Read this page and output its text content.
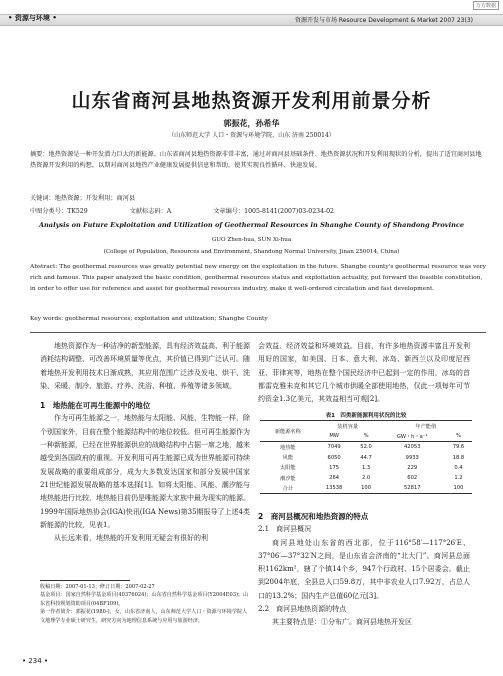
万方数据
• 资源与环境 •	资源开发与市场 Resource Development & Market 2007 23(3)
山东省商河县地热资源开发利用前景分析
郭振花，孙希华
（山东师范大学 人口・资源与环境学院，山东 济南 250014）
摘要：地热资源是一种开发潜力巨大的新能源。山东省商河县地热资源非常丰富，通过对商河县基础条件、地热资源状况和开发利用现状的分析，提出了适宜商河县地热资源开发利用的构想，以期对商河县地热产业健康发展提供信息和帮助，使其实现良性循环、快速发展。
关键词：地热资源；开发利用；商河县
中图分类号：TK529	文献标志码：A	文章编号：1005-8141(2007)03-0234-02
Analysis on Future Exploitation and Utilization of Geothermal Resources in Shanghe County of Shandong Province
GUO Zhen-hua, SUN Xi-hua
(College of Population, Resources and Environment, Shandong Normal University, Jinan 250014, China)
Abstract: The geothermal resources was greatly potential new energy on the exploitation in the future. Shanghe county's geothermal resource was very rich and famous. This paper analyzed the basic condition, geothermal resources status and exploitation actuality, put forward the feasible constitution, in order to offer use for reference and assist for geothermal resources industry, make it well-ordered circulation and fast development.
Key words: geothermal resources; exploitation and utilization; Shanghe County
地热资源作为一种洁净的新型能源，具有经济效益高、利于能源消耗结构调整、可改善环境质量等优点，其价值已得到广泛认可。随着地热开发利用技术日渐成熟，其应用范围广泛涉及发电、烘干、洗染、采暖、制冷、旅游、疗养、洗浴、种植、养殖等诸多领域。
1　地热能在可再生能源中的地位
作为可再生能源之一，地热能与太阳能、风能、生物能一样，除个别国家外，目前在整个能源结构中的地位较低。但可再生能源作为一种新能源，已经在世界能源供应的战略结构中占据一席之地，越来越受到各国政府的重视。开发利用可再生能源已成为世界能源可持续发展战略的重要组成部分，成为大多数发达国家和部分发展中国家21世纪能源发展战略的基本选择[1]。如将太阳能、风能、潮汐能与地热能进行比较，地热能目前仍是唯能源大家族中最为现实的能源。1999年国际地热协会(IGA)快讯(IGA News)第35期报导了上述4类新能源的比较，见表1。
从长远来看，地热能的开发利用无疑会有很好的利
收稿日期：2007-01-13；修订日期：2007-02-27
基金项目：国家自然科学基金项目(40376024)；山东省自然科学基金项目(Y2004E03)；山东省科技规划资助项目(04BF109)。
第一作者简介：郭振花(1980-)，女，山东省济南人，山东师范大学人口・资源与环境学院人文地理学专业硕士研究生，研究方向为地理信息系统与应用与旅游经济。
会效益、经济效益和环境效益。目前，有许多地热资源丰富且开发利用好的国家，如美国、日本、意大利、冰岛、新西兰以及印度尼西亚、菲律宾等，地热在整个国民经济中已起到一定的作用，冰岛的首都雷克雅未克和其它几个城市供暖全部使用地热，仅此一项每年可节约资金1.3亿美元，其效益相当可观[2]。
表1　四类新能源利用状况的比较
新能源名称	装机容量		年产能值	
	MW	%	GW・h・a⁻¹	%
地热能	7049	52.0	42053	79.6
风能	6050	44.7	9933	18.8
太阳能	175	1.3	229	0.4
潮汐能	264	2.0	602	1.2
合计	13538	100	52817	100
2　商河县概况和地热资源的特点
2.1　商河县概况
商河县地处山东省的西北部，位于116°58′—117°26′E、37°06′—37°32′N之间，是山东省会济南的“北大门”。商河县总面积1162km²，辖了个镇14个乡，947个行政村、15个居委会。截止到2004年底，全县总人口59.8万，其中非农业人口7.92万，占总人口的13.2%；国内生产总值60亿元[3]。
2.2　商河县地热资源的特点
其主要特点是：①分布广。商河县地热开发区
• 234 •
